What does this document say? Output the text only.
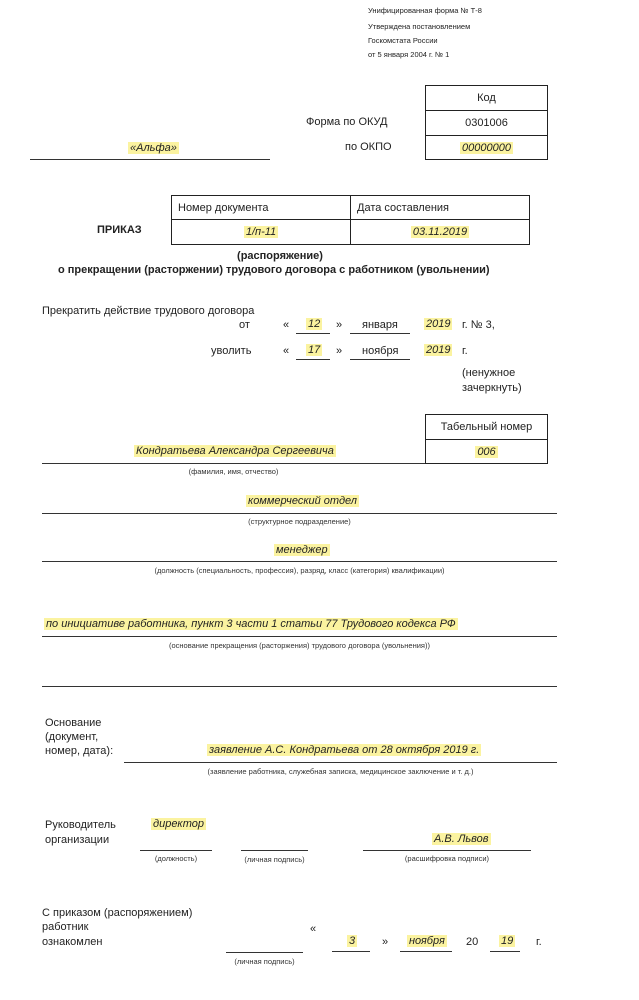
Унифицированная форма № Т-8
Утверждена постановлением
Госкомстата России
от 5 января 2004 г. № 1
Код
0301006
00000000
Форма по ОКУД
по ОКПО
«Альфа»
ПРИКАЗ
Номер документа	Дата составления
1/п-11	03.11.2019
(распоряжение)
о прекращении (расторжении) трудового договора с работником (увольнении)
Прекратить действие трудового договора
от	« 12 » января	2019 г. № 3,
уволить	« 17 » ноября	2019 г.
(ненужное зачеркнуть)
Табельный номер
006
Кондратьева Александра Сергеевича
(фамилия, имя, отчество)
коммерческий отдел
(структурное подразделение)
менеджер
(должность (специальность, профессия), разряд, класс (категория) квалификации)
по инициативе работника, пункт 3 части 1 статьи 77 Трудового кодекса РФ
(основание прекращения (расторжения) трудового договора (увольнения))
Основание (документ, номер, дата):	заявление А.С. Кондратьева от 28 октября 2019 г.
(заявление работника, служебная записка, медицинское заключение и т. д.)
Руководитель
организации
директор
(должность)	(личная подпись)
А.В. Львов
(расшифровка подписи)
С приказом (распоряжением)
работник
ознакомлен
(личная подпись)
«
3 » ноября 20 19 г.
